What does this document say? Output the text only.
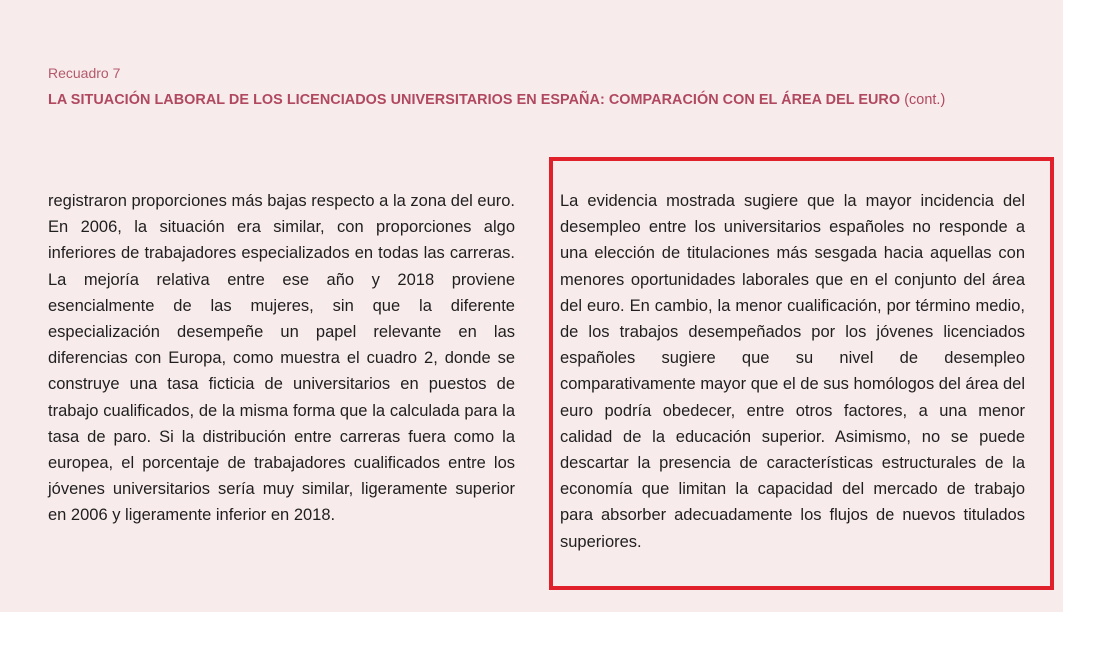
Recuadro 7
LA SITUACIÓN LABORAL DE LOS LICENCIADOS UNIVERSITARIOS EN ESPAÑA: COMPARACIÓN CON EL ÁREA DEL EURO (cont.)
registraron proporciones más bajas respecto a la zona del euro. En 2006, la situación era similar, con proporciones algo inferiores de trabajadores especializados en todas las carreras. La mejoría relativa entre ese año y 2018 proviene esencialmente de las mujeres, sin que la diferente especialización desempeñe un papel relevante en las diferencias con Europa, como muestra el cuadro 2, donde se construye una tasa ficticia de universitarios en puestos de trabajo cualificados, de la misma forma que la calculada para la tasa de paro. Si la distribución entre carreras fuera como la europea, el porcentaje de trabajadores cualificados entre los jóvenes universitarios sería muy similar, ligeramente superior en 2006 y ligeramente inferior en 2018.
La evidencia mostrada sugiere que la mayor incidencia del desempleo entre los universitarios españoles no responde a una elección de titulaciones más sesgada hacia aquellas con menores oportunidades laborales que en el conjunto del área del euro. En cambio, la menor cualificación, por término medio, de los trabajos desempeñados por los jóvenes licenciados españoles sugiere que su nivel de desempleo comparativamente mayor que el de sus homólogos del área del euro podría obedecer, entre otros factores, a una menor calidad de la educación superior. Asimismo, no se puede descartar la presencia de características estructurales de la economía que limitan la capacidad del mercado de trabajo para absorber adecuadamente los flujos de nuevos titulados superiores.
